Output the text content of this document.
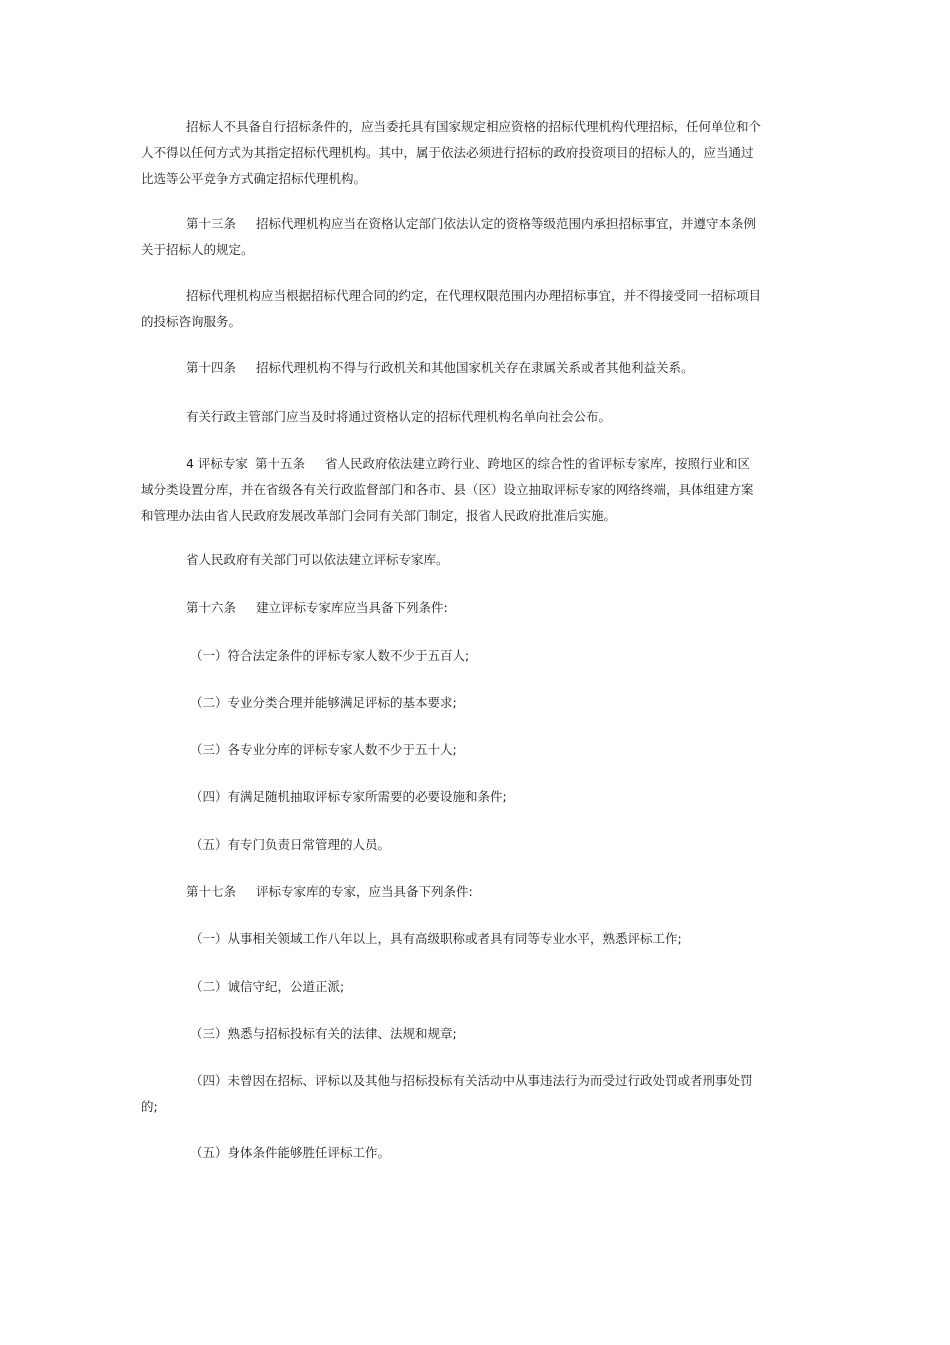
招标人不具备自行招标条件的，应当委托具有国家规定相应资格的招标代理机构代理招标，任何单位和个人不得以任何方式为其指定招标代理机构。其中，属于依法必须进行招标的政府投资项目的招标人的，应当通过比选等公平竞争方式确定招标代理机构。

第十三条 招标代理机构应当在资格认定部门依法认定的资格等级范围内承担招标事宜，并遵守本条例关于招标人的规定。

招标代理机构应当根据招标代理合同的约定，在代理权限范围内办理招标事宜，并不得接受同一招标项目的投标咨询服务。

第十四条 招标代理机构不得与行政机关和其他国家机关存在隶属关系或者其他利益关系。

有关行政主管部门应当及时将通过资格认定的招标代理机构名单向社会公布。

4 评标专家 第十五条 省人民政府依法建立跨行业、跨地区的综合性的省评标专家库，按照行业和区域分类设置分库，并在省级各有关行政监督部门和各市、县（区）设立抽取评标专家的网络终端，具体组建方案和管理办法由省人民政府发展改革部门会同有关部门制定，报省人民政府批准后实施。

省人民政府有关部门可以依法建立评标专家库。

第十六条 建立评标专家库应当具备下列条件:

（一）符合法定条件的评标专家人数不少于五百人;

（二）专业分类合理并能够满足评标的基本要求;

（三）各专业分库的评标专家人数不少于五十人;

（四）有满足随机抽取评标专家所需要的必要设施和条件;

（五）有专门负责日常管理的人员。

第十七条 评标专家库的专家，应当具备下列条件:

（一）从事相关领域工作八年以上，具有高级职称或者具有同等专业水平，熟悉评标工作;

（二）诚信守纪，公道正派;

（三）熟悉与招标投标有关的法律、法规和规章;

（四）未曾因在招标、评标以及其他与招标投标有关活动中从事违法行为而受过行政处罚或者刑事处罚的;

（五）身体条件能够胜任评标工作。
